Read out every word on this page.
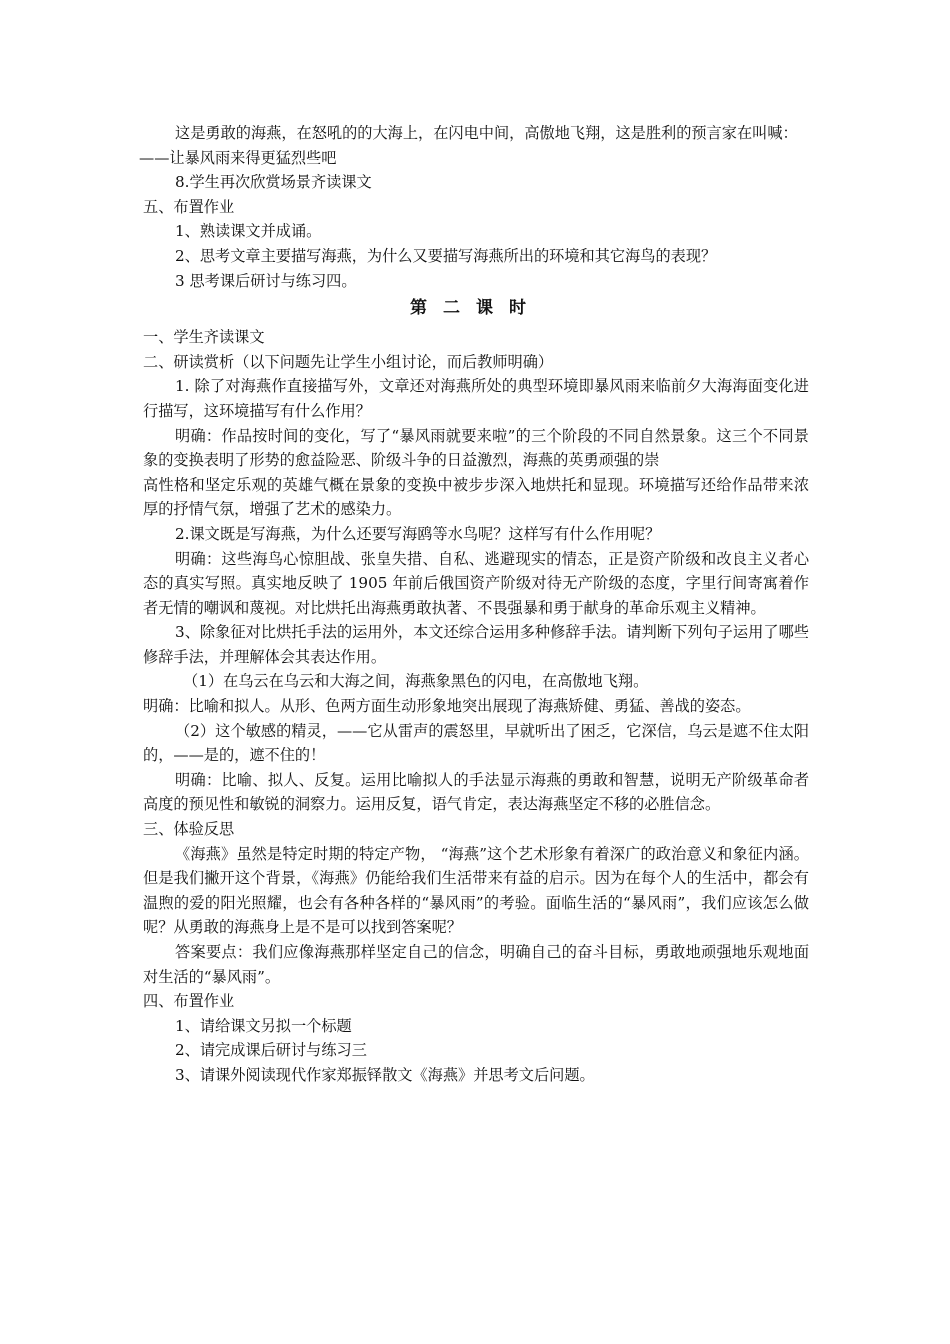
这是勇敢的海燕，在怒吼的的大海上，在闪电中间，高傲地飞翔，这是胜利的预言家在叫喊：

——让暴风雨来得更猛烈些吧

8.学生再次欣赏场景齐读课文

五、布置作业

1、熟读课文并成诵。

2、思考文章主要描写海燕，为什么又要描写海燕所出的环境和其它海鸟的表现？

3 思考课后研讨与练习四。

第二课时

一、学生齐读课文

二、研读赏析（以下问题先让学生小组讨论，而后教师明确）

1. 除了对海燕作直接描写外，文章还对海燕所处的典型环境即暴风雨来临前夕大海海面变化进行描写，这环境描写有什么作用？

明确：作品按时间的变化，写了“暴风雨就要来啦”的三个阶段的不同自然景象。这三个不同景象的变换表明了形势的愈益险恶、阶级斗争的日益激烈，海燕的英勇顽强的崇

高性格和坚定乐观的英雄气概在景象的变换中被步步深入地烘托和显现。环境描写还给作品带来浓厚的抒情气氛，增强了艺术的感染力。

2.课文既是写海燕，为什么还要写海鸥等水鸟呢？这样写有什么作用呢？

明确：这些海鸟心惊胆战、张皇失措、自私、逃避现实的情态，正是资产阶级和改良主义者心态的真实写照。真实地反映了 1905 年前后俄国资产阶级对待无产阶级的态度，字里行间寄寓着作者无情的嘲讽和蔑视。对比烘托出海燕勇敢执著、不畏强暴和勇于献身的革命乐观主义精神。

3、除象征对比烘托手法的运用外，本文还综合运用多种修辞手法。请判断下列句子运用了哪些修辞手法，并理解体会其表达作用。

（1）在乌云在乌云和大海之间，海燕象黑色的闪电，在高傲地飞翔。

明确：比喻和拟人。从形、色两方面生动形象地突出展现了海燕矫健、勇猛、善战的姿态。

（2）这个敏感的精灵，——它从雷声的震怒里，早就听出了困乏，它深信，乌云是遮不住太阳的，——是的，遮不住的！

明确：比喻、拟人、反复。运用比喻拟人的手法显示海燕的勇敢和智慧，说明无产阶级革命者高度的预见性和敏锐的洞察力。运用反复，语气肯定，表达海燕坚定不移的必胜信念。

三、体验反思

《海燕》虽然是特定时期的特定产物， “海燕”这个艺术形象有着深广的政治意义和象征内涵。但是我们撇开这个背景，《海燕》仍能给我们生活带来有益的启示。因为在每个人的生活中，都会有温煦的爱的阳光照耀，也会有各种各样的“暴风雨”的考验。面临生活的“暴风雨”，我们应该怎么做呢？从勇敢的海燕身上是不是可以找到答案呢？

答案要点：我们应像海燕那样坚定自己的信念，明确自己的奋斗目标，勇敢地顽强地乐观地面对生活的“暴风雨”。

四、布置作业

1、请给课文另拟一个标题

2、请完成课后研讨与练习三

3、请课外阅读现代作家郑振铎散文《海燕》并思考文后问题。
